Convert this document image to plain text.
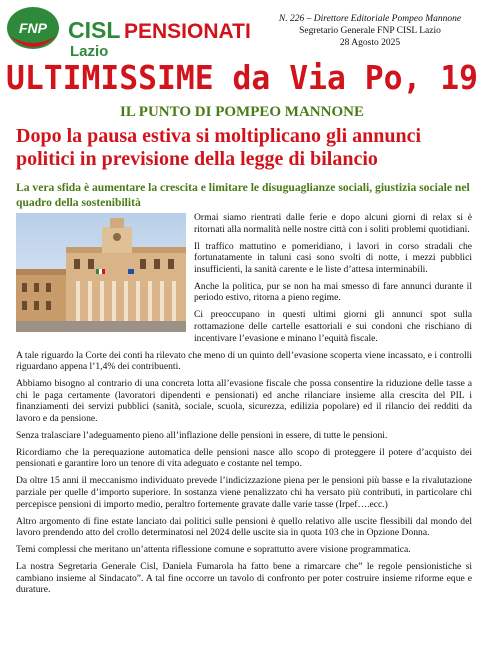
FNP CISL PENSIONATI
Lazio
N. 226 – Direttore Editoriale Pompeo Mannone
Segretario Generale FNP CISL Lazio
28 Agosto 2025
ULTIMISSIME da Via Po, 19
IL PUNTO DI POMPEO MANNONE
Dopo la pausa estiva si moltiplicano gli annunci politici in previsione della legge di bilancio
La vera sfida è aumentare la crescita e limitare le disuguaglianze sociali, giustizia sociale nel quadro della sostenibilità

Ormai siamo rientrati dalle ferie e dopo alcuni giorni di relax si è ritornati alla normalità nelle nostre città con i soliti problemi quotidiani.

Il traffico mattutino e pomeridiano, i lavori in corso stradali che fortunatamente in taluni casi sono svolti di notte, i mezzi pubblici insufficienti, la sanità carente e le liste d’attesa interminabili.

Anche la politica, pur se non ha mai smesso di fare annunci durante il periodo estivo, ritorna a pieno regime.

Ci preoccupano in questi ultimi giorni gli annunci spot sulla rottamazione delle cartelle esattoriali e sui condoni che rischiano di incentivare l’evasione e minano l’equità fiscale.

A tale riguardo la Corte dei conti ha rilevato che meno di un quinto dell’evasione scoperta viene incassato, e i controlli riguardano appena l’1,4% dei contribuenti.

Abbiamo bisogno al contrario di una concreta lotta all’evasione fiscale che possa consentire la riduzione delle tasse a chi le paga certamente (lavoratori dipendenti e pensionati) ed anche rilanciare insieme alla crescita del PIL i finanziamenti dei servizi pubblici (sanità, sociale, scuola, sicurezza, edilizia popolare) ed il rilancio dei redditi da lavoro e da pensione.

Senza tralasciare l’adeguamento pieno all’inflazione delle pensioni in essere, di tutte le pensioni.

Ricordiamo che la perequazione automatica delle pensioni nasce allo scopo di proteggere il potere d’acquisto dei pensionati e garantire loro un tenore di vita adeguato e costante nel tempo.

Da oltre 15 anni il meccanismo individuato prevede l’indicizzazione piena per le pensioni più basse e la rivalutazione parziale per quelle d’importo superiore. In sostanza viene penalizzato chi ha versato più contributi, in particolare chi percepisce pensioni di importo medio, peraltro fortemente gravate dalle varie tasse (Irpef….ecc.)

Altro argomento di fine estate lanciato dai politici sulle pensioni è quello relativo alle uscite flessibili dal mondo del lavoro prendendo atto del crollo determinatosi nel 2024 delle uscite sia in quota 103 che in Opzione Donna.

Temi complessi che meritano un’attenta riflessione comune e soprattutto avere visione programmatica.

La nostra Segretaria Generale Cisl, Daniela Fumarola ha fatto bene a rimarcare che” le regole pensionistiche si cambiano insieme al Sindacato”. A tal fine occorre un tavolo di confronto per poter costruire insieme riforme eque e durature.
